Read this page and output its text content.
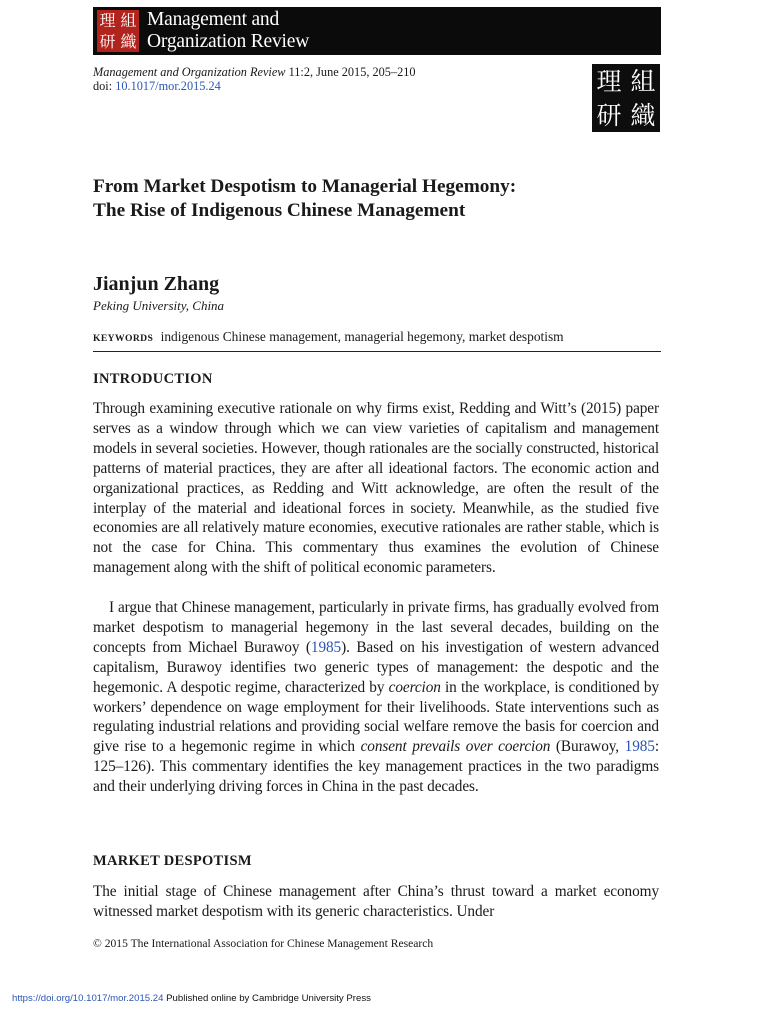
理 組
研 織
Management and
Organization Review
Management and Organization Review 11:2, June 2015, 205–210
doi: 10.1017/mor.2015.24	理 組
研 織
From Market Despotism to Managerial Hegemony:
The Rise of Indigenous Chinese Management
Jianjun Zhang
Peking University, China
KEYWORDS indigenous Chinese management, managerial hegemony, market despotism
INTRODUCTION

Through examining executive rationale on why firms exist, Redding and Witt’s (2015) paper serves as a window through which we can view varieties of capitalism and management models in several societies. However, though rationales are the socially constructed, historical patterns of material practices, they are after all ideational factors. The economic action and organizational practices, as Redding and Witt acknowledge, are often the result of the interplay of the material and ideational forces in society. Meanwhile, as the studied five economies are all relatively mature economies, executive rationales are rather stable, which is not the case for China. This commentary thus examines the evolution of Chinese management along with the shift of political economic parameters.

I argue that Chinese management, particularly in private firms, has gradually evolved from market despotism to managerial hegemony in the last several decades, building on the concepts from Michael Burawoy (1985). Based on his investigation of western advanced capitalism, Burawoy identifies two generic types of management: the despotic and the hegemonic. A despotic regime, characterized by coercion in the workplace, is conditioned by workers’ dependence on wage employment for their livelihoods. State interventions such as regulating industrial relations and providing social welfare remove the basis for coercion and give rise to a hegemonic regime in which consent prevails over coercion (Burawoy, 1985: 125–126). This commentary identifies the key management practices in the two paradigms and their underlying driving forces in China in the past decades.

MARKET DESPOTISM

The initial stage of Chinese management after China’s thrust toward a market economy witnessed market despotism with its generic characteristics. Under

© 2015 The International Association for Chinese Management Research
https://doi.org/10.1017/mor.2015.24 Published online by Cambridge University Press
